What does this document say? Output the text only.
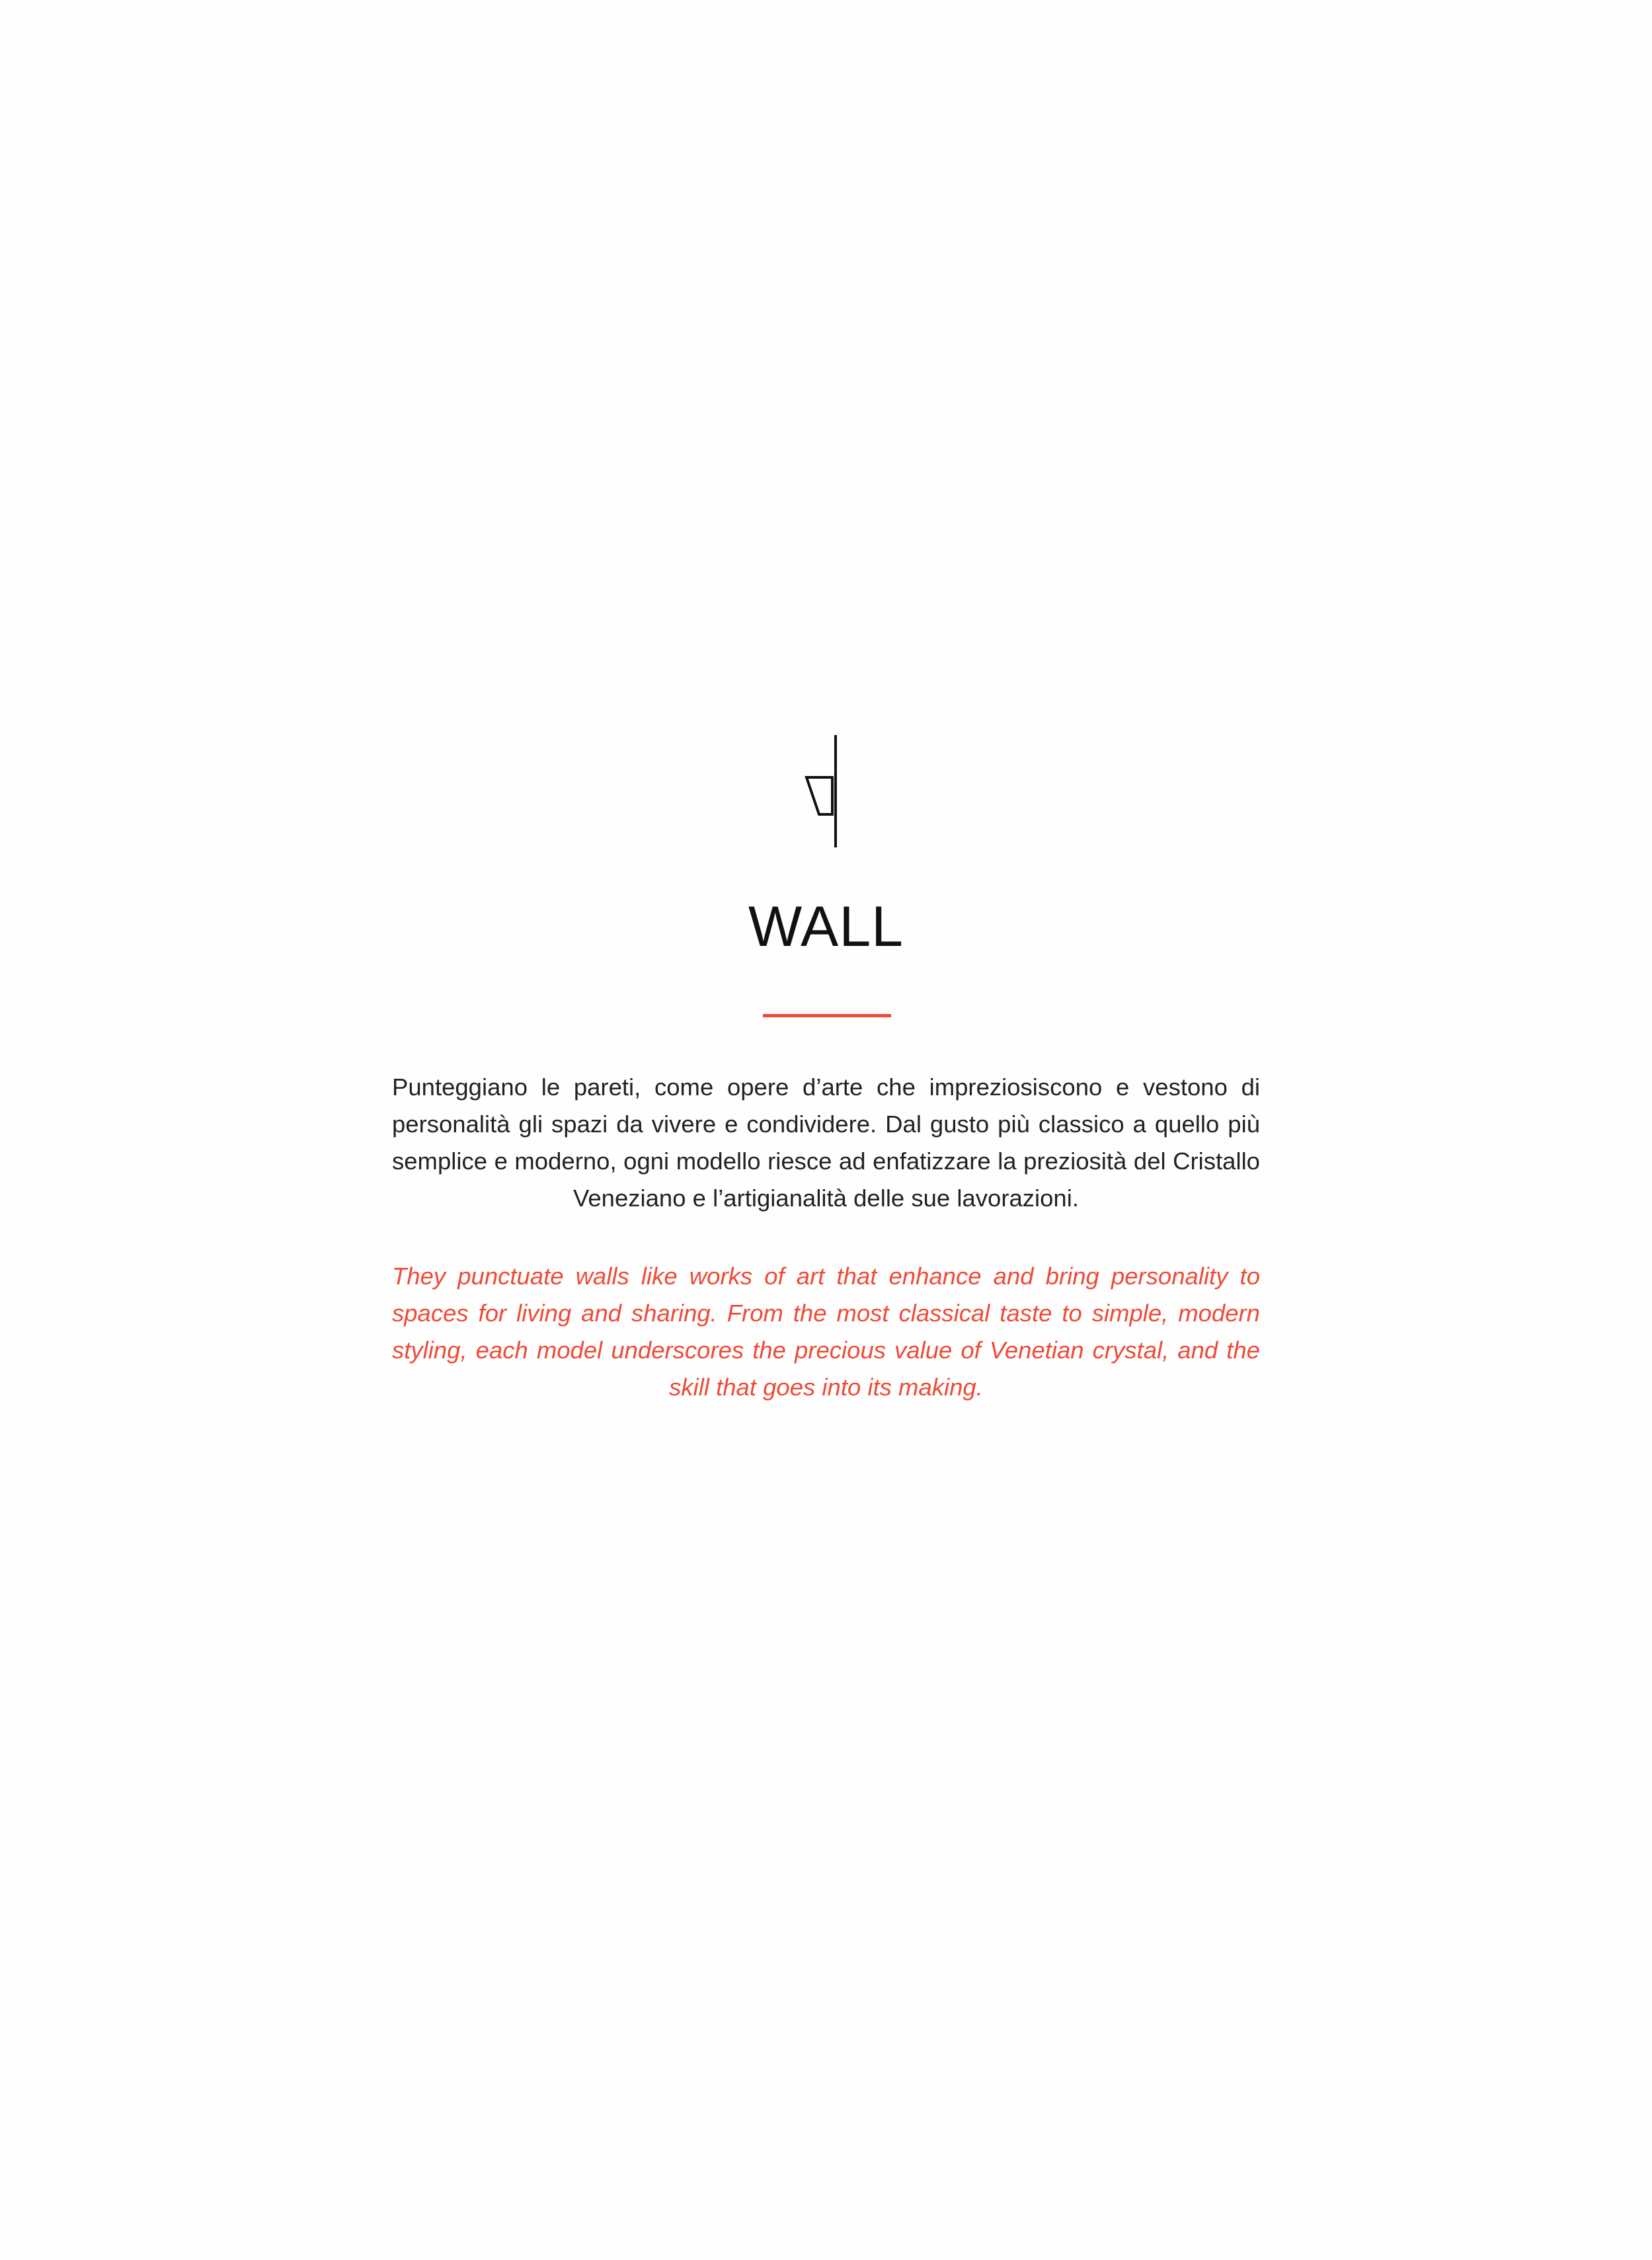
WALL

Punteggiano le pareti, come opere d’arte che impreziosiscono e vestono di personalità gli spazi da vivere e condividere. Dal gusto più classico a quello più semplice e moderno, ogni modello riesce ad enfatizzare la preziosità del Cristallo Veneziano e l’artigianalità delle sue lavorazioni.

They punctuate walls like works of art that enhance and bring personality to spaces for living and sharing. From the most classical taste to simple, modern styling, each model underscores the precious value of Venetian crystal, and the skill that goes into its making.
